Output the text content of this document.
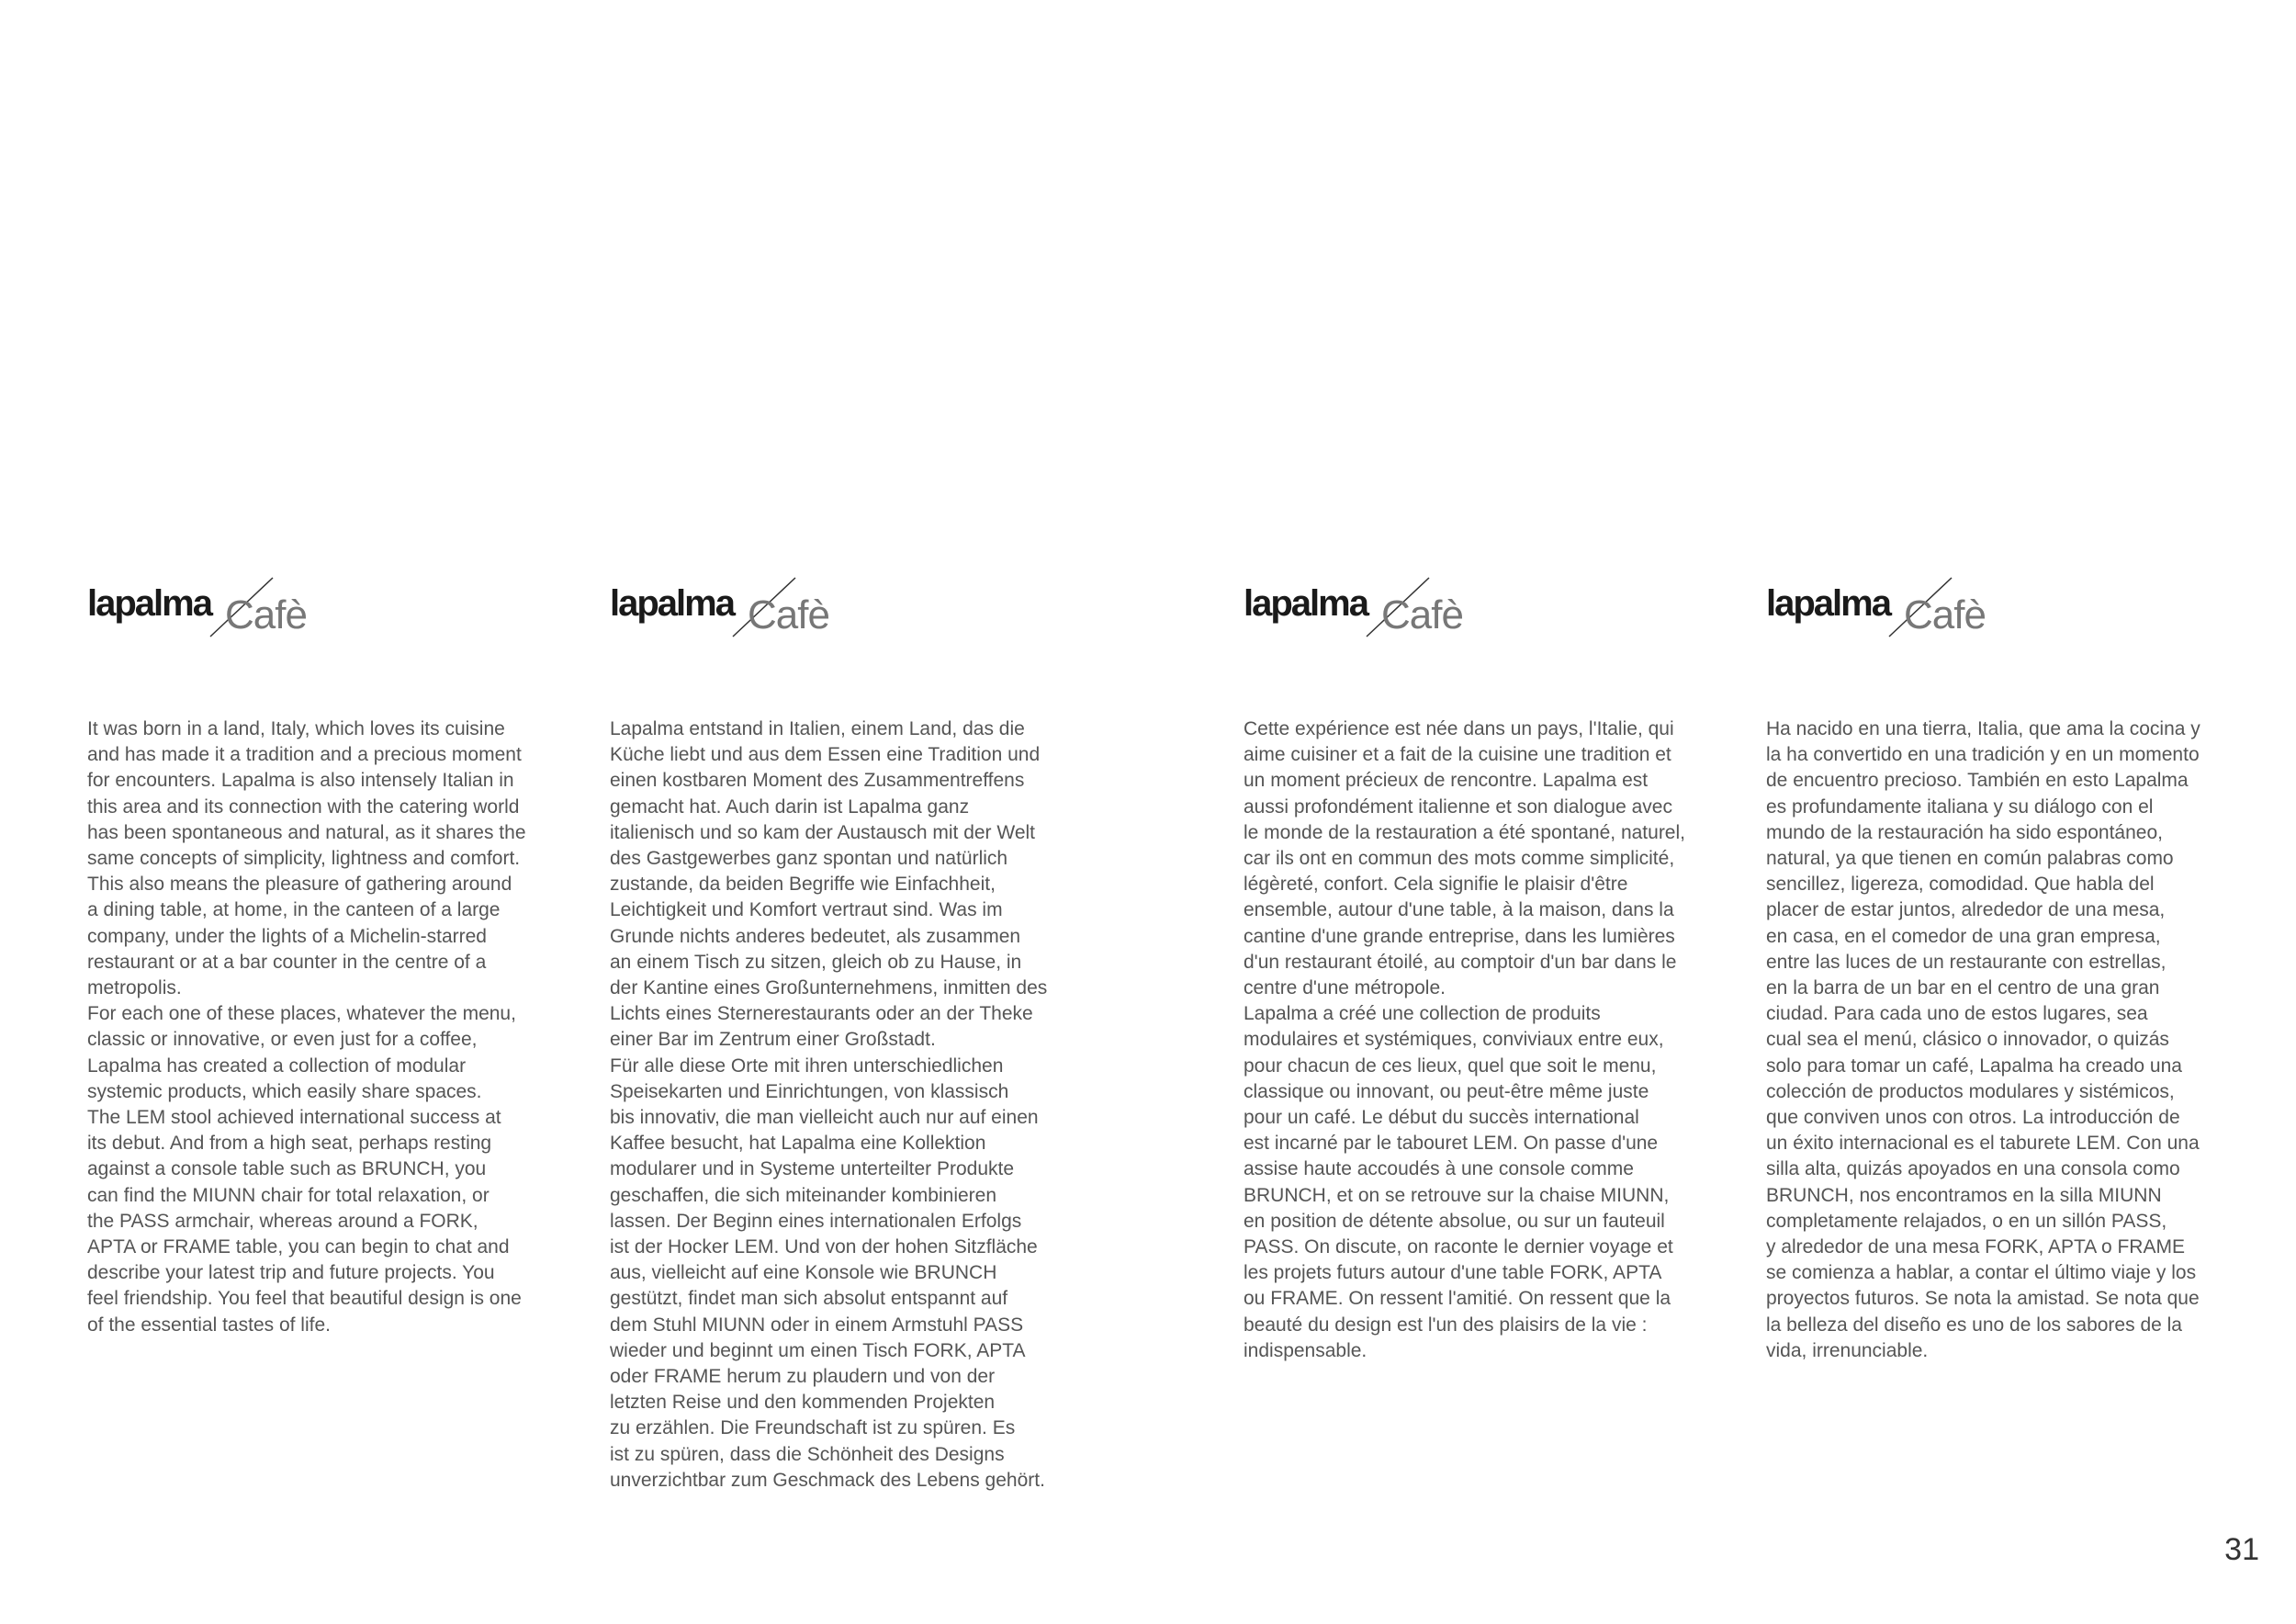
lapalma Cafè

It was born in a land, Italy, which loves its cuisine
and has made it a tradition and a precious moment
for encounters. Lapalma is also intensely Italian in
this area and its connection with the catering world
has been spontaneous and natural, as it shares the
same concepts of simplicity, lightness and comfort.
This also means the pleasure of gathering around
a dining table, at home, in the canteen of a large
company, under the lights of a Michelin-starred
restaurant or at a bar counter in the centre of a
metropolis.

For each one of these places, whatever the menu,
classic or innovative, or even just for a coffee,
Lapalma has created a collection of modular
systemic products, which easily share spaces.
The LEM stool achieved international success at
its debut. And from a high seat, perhaps resting
against a console table such as BRUNCH, you
can find the MIUNN chair for total relaxation, or
the PASS armchair, whereas around a FORK,
APTA or FRAME table, you can begin to chat and
describe your latest trip and future projects. You
feel friendship. You feel that beautiful design is one
of the essential tastes of life.

lapalma Cafè

Lapalma entstand in Italien, einem Land, das die
Küche liebt und aus dem Essen eine Tradition und
einen kostbaren Moment des Zusammentreffens
gemacht hat. Auch darin ist Lapalma ganz
italienisch und so kam der Austausch mit der Welt
des Gastgewerbes ganz spontan und natürlich
zustande, da beiden Begriffe wie Einfachheit,
Leichtigkeit und Komfort vertraut sind. Was im
Grunde nichts anderes bedeutet, als zusammen
an einem Tisch zu sitzen, gleich ob zu Hause, in
der Kantine eines Großunternehmens, inmitten des
Lichts eines Sternerestaurants oder an der Theke
einer Bar im Zentrum einer Großstadt.

Für alle diese Orte mit ihren unterschiedlichen
Speisekarten und Einrichtungen, von klassisch
bis innovativ, die man vielleicht auch nur auf einen
Kaffee besucht, hat Lapalma eine Kollektion
modularer und in Systeme unterteilter Produkte
geschaffen, die sich miteinander kombinieren
lassen. Der Beginn eines internationalen Erfolgs
ist der Hocker LEM. Und von der hohen Sitzfläche
aus, vielleicht auf eine Konsole wie BRUNCH
gestützt, findet man sich absolut entspannt auf
dem Stuhl MIUNN oder in einem Armstuhl PASS
wieder und beginnt um einen Tisch FORK, APTA
oder FRAME herum zu plaudern und von der
letzten Reise und den kommenden Projekten
zu erzählen. Die Freundschaft ist zu spüren. Es
ist zu spüren, dass die Schönheit des Designs
unverzichtbar zum Geschmack des Lebens gehört.

lapalma Cafè

Cette expérience est née dans un pays, l'Italie, qui
aime cuisiner et a fait de la cuisine une tradition et
un moment précieux de rencontre. Lapalma est
aussi profondément italienne et son dialogue avec
le monde de la restauration a été spontané, naturel,
car ils ont en commun des mots comme simplicité,
légèreté, confort. Cela signifie le plaisir d'être
ensemble, autour d'une table, à la maison, dans la
cantine d'une grande entreprise, dans les lumières
d'un restaurant étoilé, au comptoir d'un bar dans le
centre d'une métropole.

Lapalma a créé une collection de produits
modulaires et systémiques, conviviaux entre eux,
pour chacun de ces lieux, quel que soit le menu,
classique ou innovant, ou peut-être même juste
pour un café. Le début du succès international
est incarné par le tabouret LEM. On passe d'une
assise haute accoudés à une console comme
BRUNCH, et on se retrouve sur la chaise MIUNN,
en position de détente absolue, ou sur un fauteuil
PASS. On discute, on raconte le dernier voyage et
les projets futurs autour d'une table FORK, APTA
ou FRAME. On ressent l'amitié. On ressent que la
beauté du design est l'un des plaisirs de la vie :
indispensable.

lapalma Cafè

Ha nacido en una tierra, Italia, que ama la cocina y
la ha convertido en una tradición y en un momento
de encuentro precioso. También en esto Lapalma
es profundamente italiana y su diálogo con el
mundo de la restauración ha sido espontáneo,
natural, ya que tienen en común palabras como
sencillez, ligereza, comodidad. Que habla del
placer de estar juntos, alrededor de una mesa,
en casa, en el comedor de una gran empresa,
entre las luces de un restaurante con estrellas,
en la barra de un bar en el centro de una gran
ciudad. Para cada uno de estos lugares, sea
cual sea el menú, clásico o innovador, o quizás
solo para tomar un café, Lapalma ha creado una
colección de productos modulares y sistémicos,
que conviven unos con otros. La introducción de
un éxito internacional es el taburete LEM. Con una
silla alta, quizás apoyados en una consola como
BRUNCH, nos encontramos en la silla MIUNN
completamente relajados, o en un sillón PASS,
y alrededor de una mesa FORK, APTA o FRAME
se comienza a hablar, a contar el último viaje y los
proyectos futuros. Se nota la amistad. Se nota que
la belleza del diseño es uno de los sabores de la
vida, irrenunciable.

31
